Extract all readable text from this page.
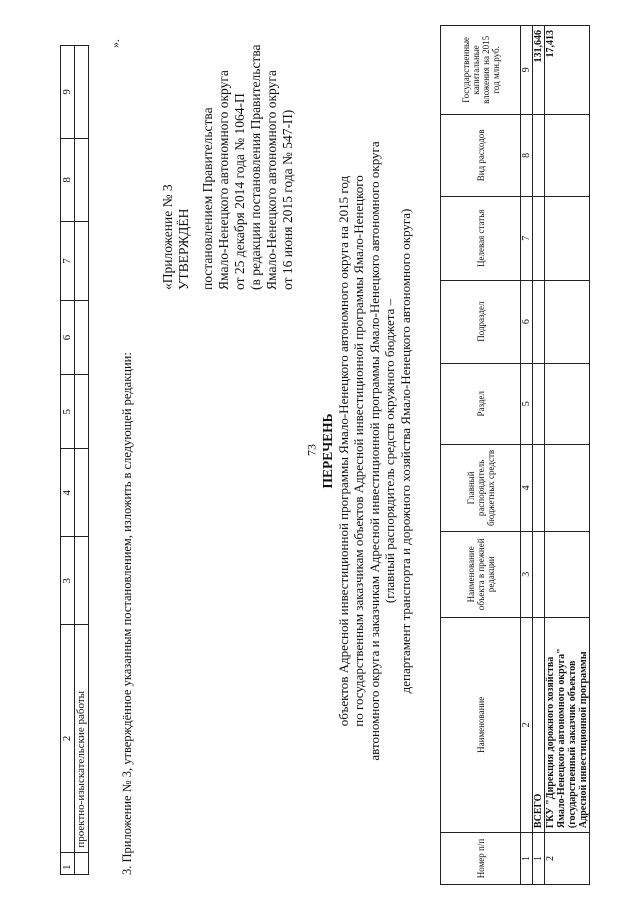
73
1	2	3	4	5	6	7	8	9
	проектно-изыскательские работы							
».
3. Приложение № 3, утверждённое указанным постановлением, изложить в следующей редакции:
«Приложение № 3 УТВЕРЖДЁН постановлением Правительства Ямало-Ненецкого автономного округа от 25 декабря 2014 года № 1064-П (в редакции постановления Правительства Ямало-Ненецкого автономного округа от 16 июня 2015 года № 547-П)
ПЕРЕЧЕНЬ объектов Адресной инвестиционной программы Ямало-Ненецкого автономного округа на 2015 год по государственным заказчикам объектов Адресной инвестиционной программы Ямало-Ненецкого автономного округа и заказчикам Адресной инвестиционной программы Ямало-Ненецкого автономного округа (главный распорядитель средств окружного бюджета – департамент транспорта и дорожного хозяйства Ямало-Ненецкого автономного округа)
Номер п/п	Наименование	Наименование объекта в прежней редакции	Главный распорядитель бюджетных средств	Раздел	Подраздел	Целевая статья	Вид расходов	Государственные капитальные вложения на 2015 год млн.руб.
1	2	3	4	5	6	7	8	9
1	ВСЕГО							131,646
2	ГКУ "Дирекция дорожного хозяйства Ямало-Ненецкого автономного округа" (государственный заказчик объектов Адресной инвестиционной программы							17,413
